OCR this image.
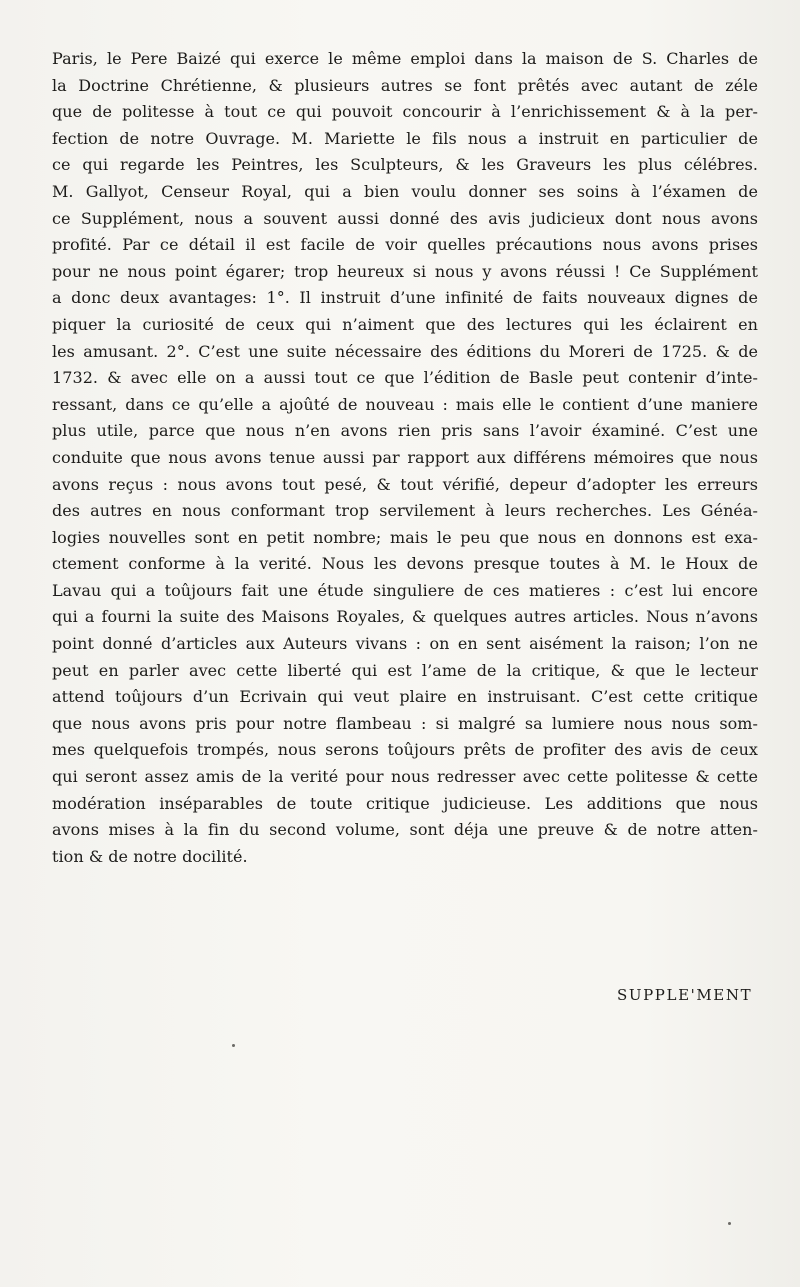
Paris, le Pere Baizé qui exerce le même emploi dans la maison de S. Charles de
la Doctrine Chrétienne, & plusieurs autres se font prêtés avec autant de zéle
que de politesse à tout ce qui pouvoit concourir à l’enrichissement & à la per-
fection de notre Ouvrage. M. Mariette le fils nous a instruit en particulier de
ce qui regarde les Peintres, les Sculpteurs, & les Graveurs les plus célébres.
M. Gallyot, Censeur Royal, qui a bien voulu donner ses soins à l’éxamen de
ce Supplément, nous a souvent aussi donné des avis judicieux dont nous avons
profité. Par ce détail il est facile de voir quelles précautions nous avons prises
pour ne nous point égarer; trop heureux si nous y avons réussi ! Ce Supplément
a donc deux avantages: 1°. Il instruit d’une infinité de faits nouveaux dignes de
piquer la curiosité de ceux qui n’aiment que des lectures qui les éclairent en
les amusant. 2°. C’est une suite nécessaire des éditions du Moreri de 1725. & de
1732. & avec elle on a aussi tout ce que l’édition de Basle peut contenir d’inte-
ressant, dans ce qu’elle a ajoûté de nouveau : mais elle le contient d’une maniere
plus utile, parce que nous n’en avons rien pris sans l’avoir éxaminé. C’est une
conduite que nous avons tenue aussi par rapport aux différens mémoires que nous
avons reçus : nous avons tout pesé, & tout vérifié, depeur d’adopter les erreurs
des autres en nous conformant trop servilement à leurs recherches. Les Généa-
logies nouvelles sont en petit nombre; mais le peu que nous en donnons est exa-
ctement conforme à la verité. Nous les devons presque toutes à M. le Houx de
Lavau qui a toûjours fait une étude singuliere de ces matieres : c’est lui encore
qui a fourni la suite des Maisons Royales, & quelques autres articles. Nous n’avons
point donné d’articles aux Auteurs vivans : on en sent aisément la raison; l’on ne
peut en parler avec cette liberté qui est l’ame de la critique, & que le lecteur
attend toûjours d’un Ecrivain qui veut plaire en instruisant. C’est cette critique
que nous avons pris pour notre flambeau : si malgré sa lumiere nous nous som-
mes quelquefois trompés, nous serons toûjours prêts de profiter des avis de ceux
qui seront assez amis de la verité pour nous redresser avec cette politesse & cette
modération inséparables de toute critique judicieuse. Les additions que nous
avons mises à la fin du second volume, sont déja une preuve & de notre atten-
tion & de notre docilité.
SUPPLE'MENT
